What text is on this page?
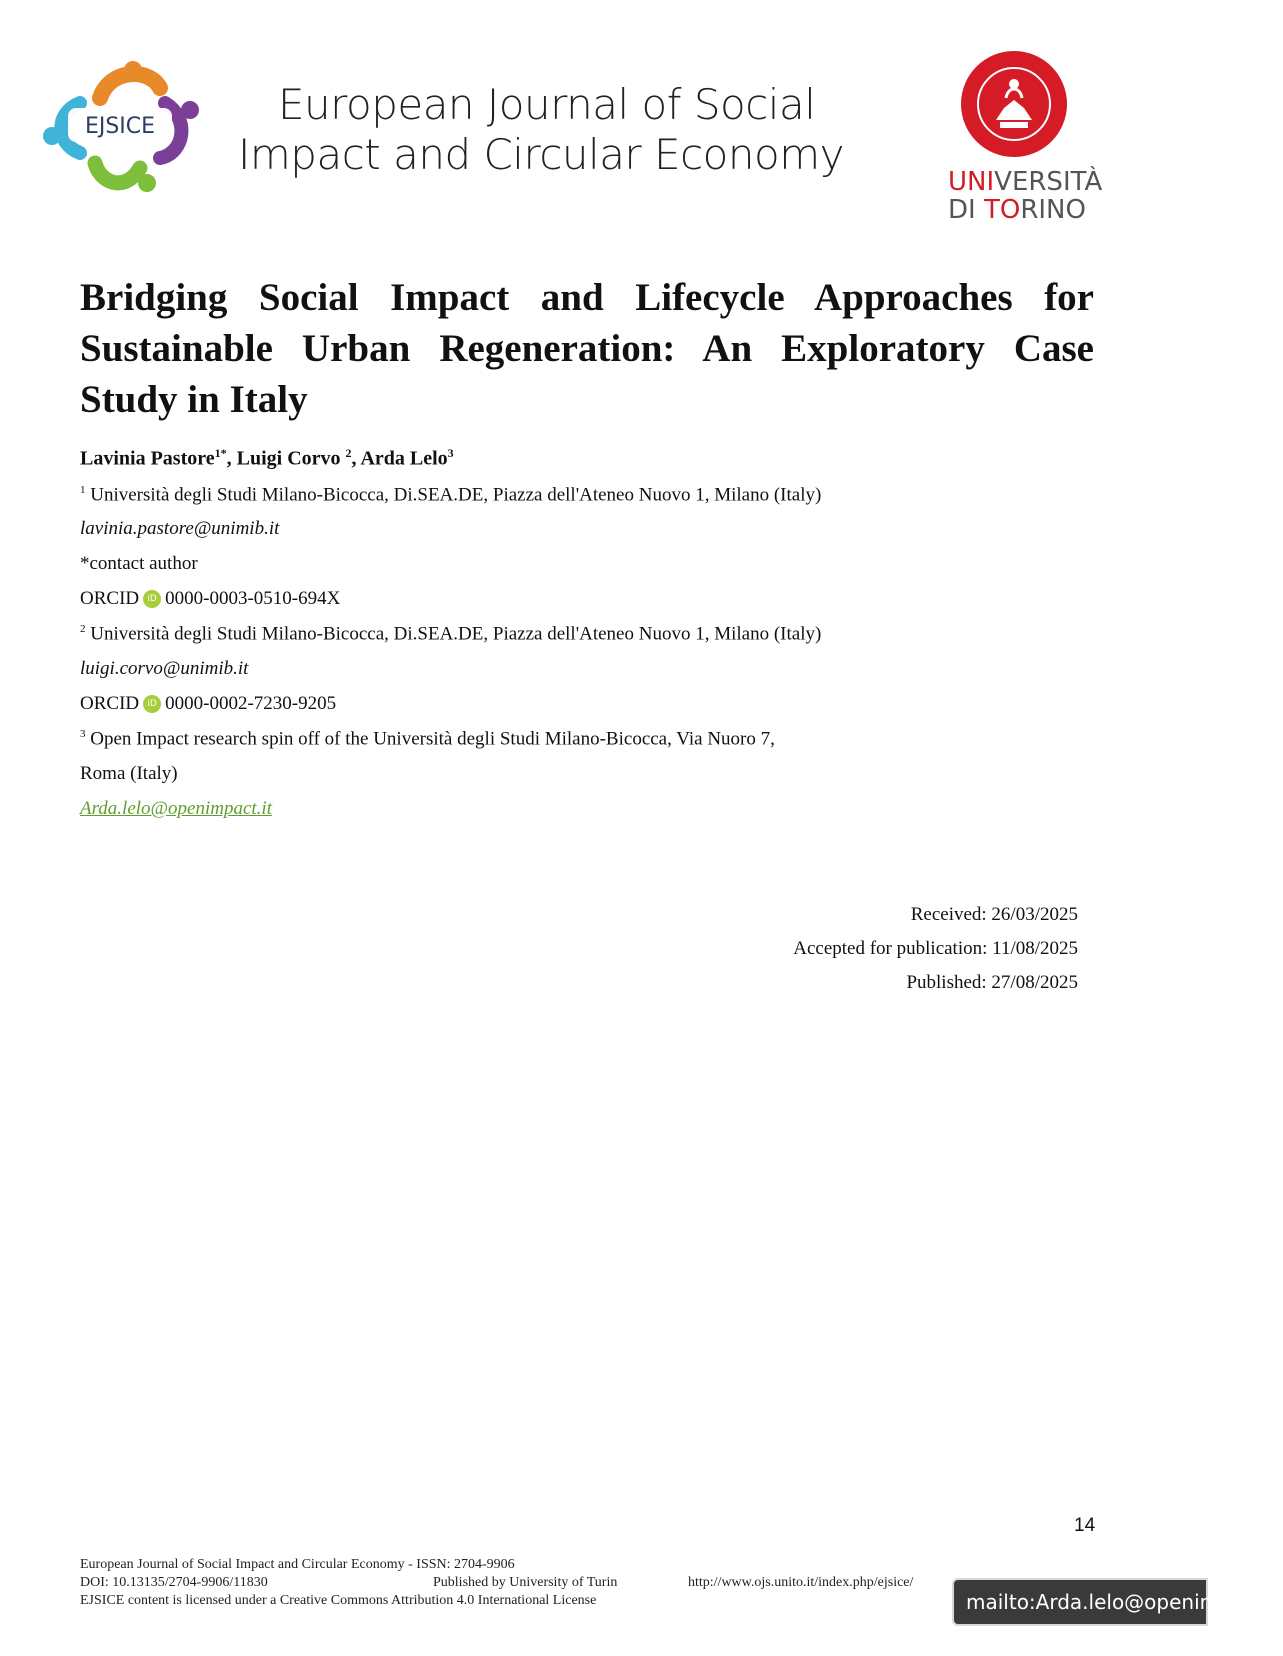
EJSICE	European Journal of Social
Impact and Circular Economy
UNIVERSITÀ
DI TORINO
Bridging Social Impact and Lifecycle Approaches for Sustainable Urban Regeneration: An Exploratory Case Study in Italy
Lavinia Pastore$^{1*}$, Luigi Corvo $^2$, Arda Lelo$^3$
$^1$ Università degli Studi Milano-Bicocca, Di.SEA.DE, Piazza dell'Ateneo Nuovo 1, Milano (Italy)
lavinia.pastore@unimib.it
*contact author
ORCID iD 0000-0003-0510-694X
$^2$ Università degli Studi Milano-Bicocca, Di.SEA.DE, Piazza dell'Ateneo Nuovo 1, Milano (Italy)
luigi.corvo@unimib.it
ORCID iD 0000-0002-7230-9205
$^3$ Open Impact research spin off of the Università degli Studi Milano-Bicocca, Via Nuoro 7,
Roma (Italy)
Arda.lelo@openimpact.it
Received: 26/03/2025
Accepted for publication: 11/08/2025
Published: 27/08/2025
14
European Journal of Social Impact and Circular Economy - ISSN: 2704-9906
DOI: 10.13135/2704-9906/11830	Published by University of Turin	http://www.ojs.unito.it/index.php/ejsice/
EJSICE content is licensed under a Creative Commons Attribution 4.0 International License	mailto:Arda.lelo@openimpact.it
